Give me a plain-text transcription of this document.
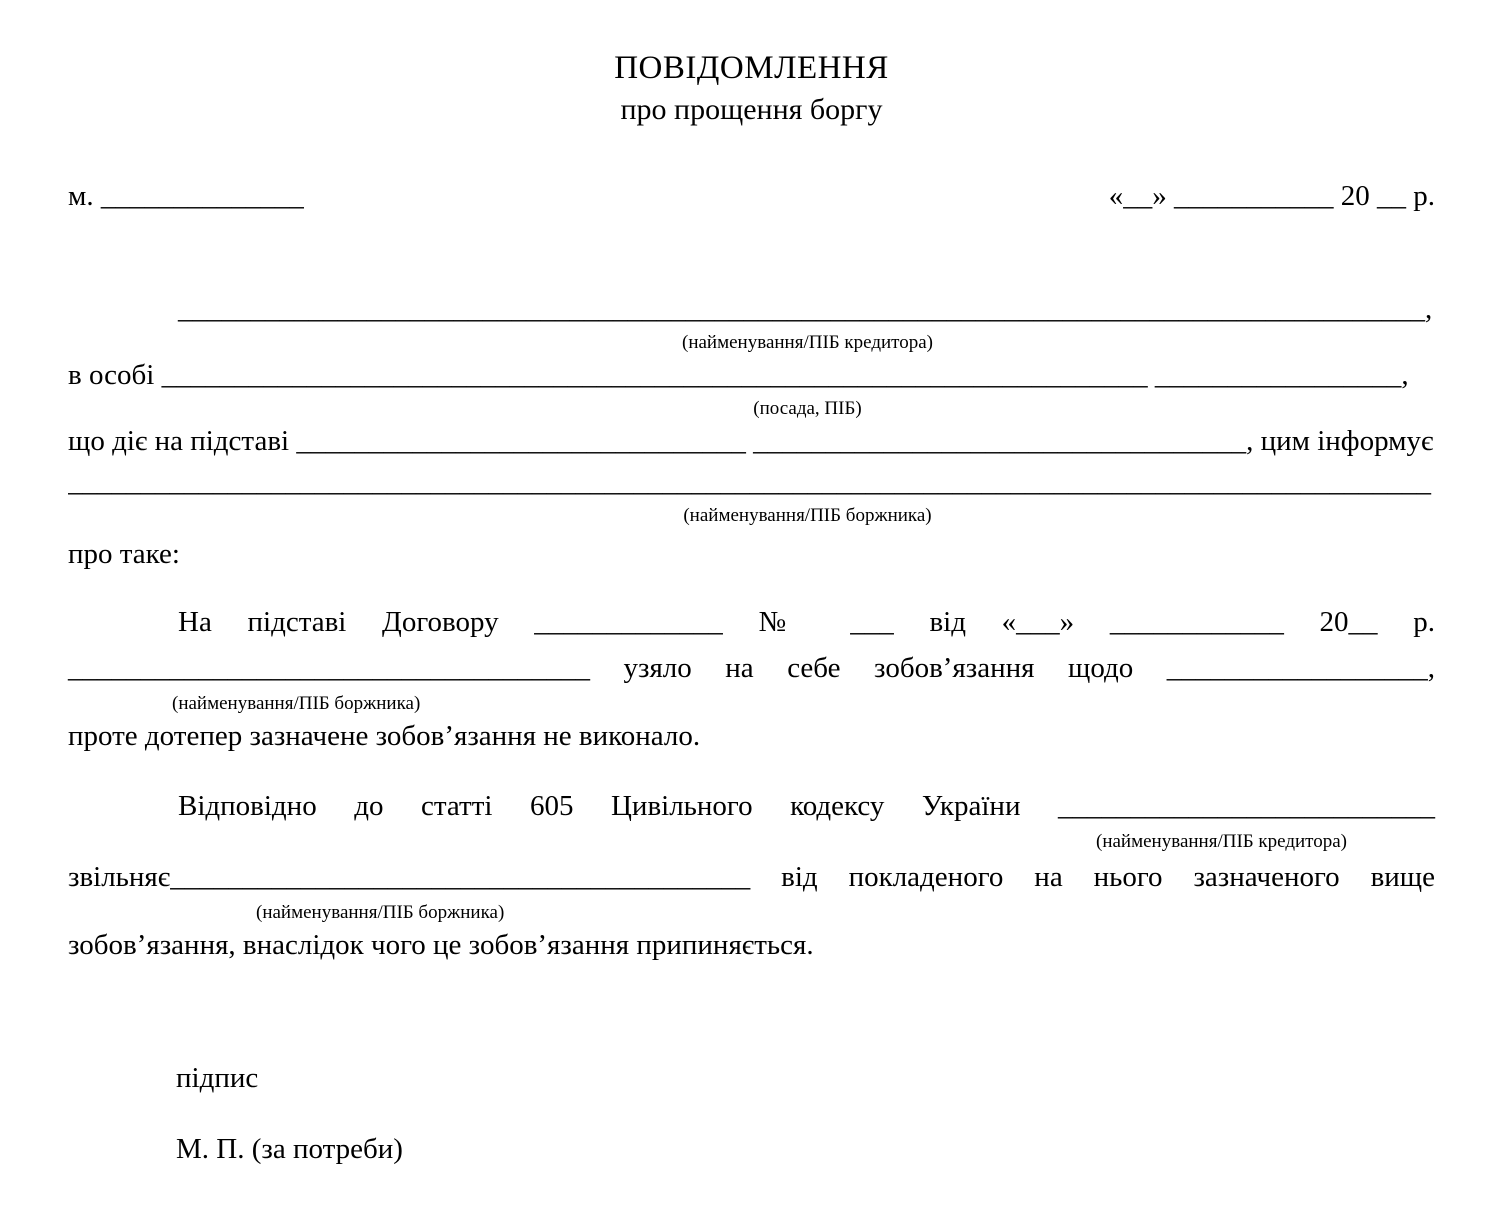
ПОВІДОМЛЕННЯ
про прощення боргу
м. ______________	«__» ___________ 20 __ р.
______________________________________________________________________________________,
(найменування/ПІБ кредитора)
в особі ____________________________________________________________________ _________________,
(посада, ПІБ)
що діє на підставі _______________________________ __________________________________, цим інформує
______________________________________________________________________________________________
(найменування/ПІБ боржника)
про таке:
На підставі Договору _____________ № ___ від «___» ____________ 20__ р.
____________________________________ узяло на себе зобов’язання щодо __________________,
(найменування/ПІБ боржника)
проте дотепер зазначене зобов’язання не виконало.
Відповідно до статті 605 Цивільного кодексу України __________________________
(найменування/ПІБ кредитора)
звільняє________________________________________ від покладеного на нього зазначеного вище
(найменування/ПІБ боржника)
зобов’язання, внаслідок чого це зобов’язання припиняється.
підпис
М. П. (за потреби)
